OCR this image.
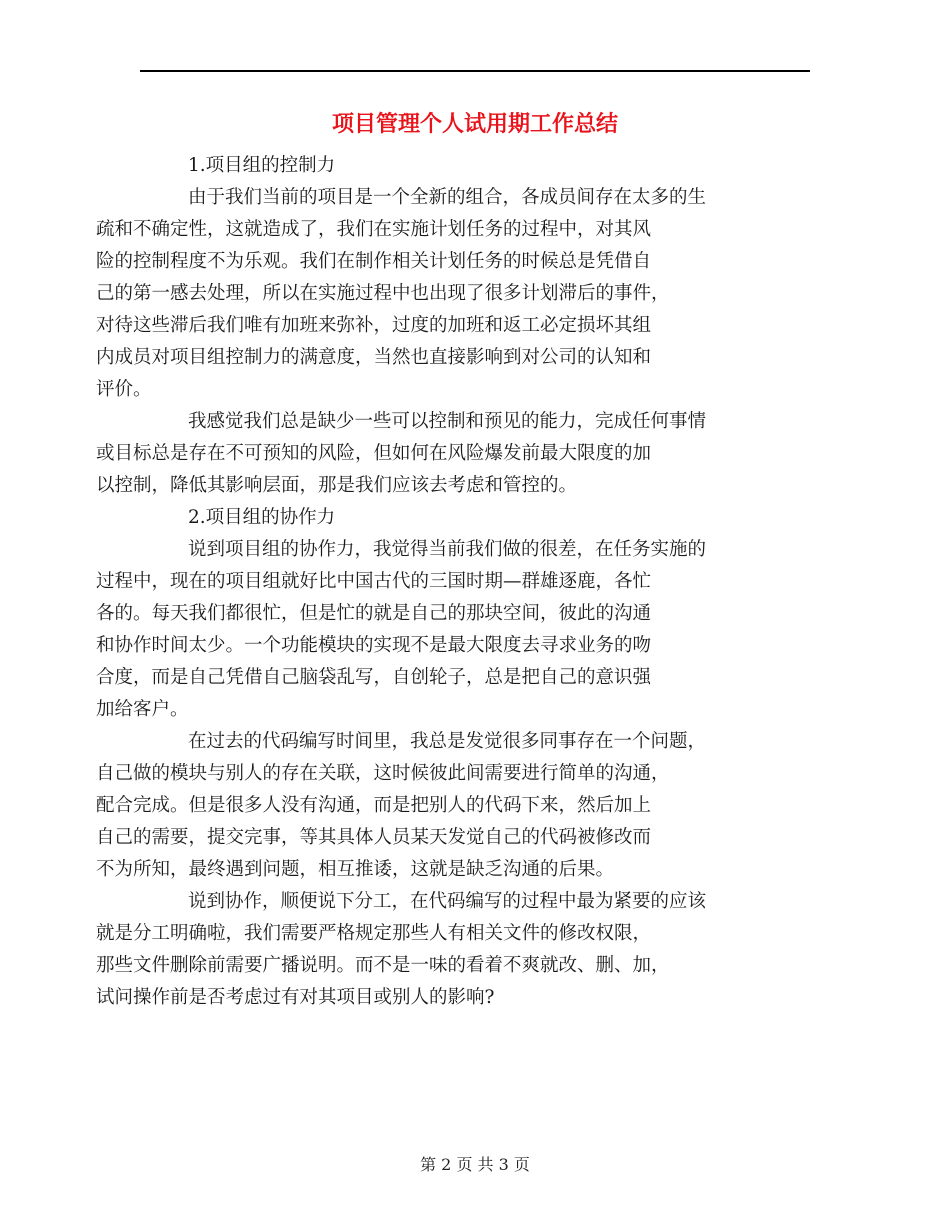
项目管理个人试用期工作总结
1.项目组的控制力
由于我们当前的项目是一个全新的组合，各成员间存在太多的生
疏和不确定性，这就造成了，我们在实施计划任务的过程中，对其风
险的控制程度不为乐观。我们在制作相关计划任务的时候总是凭借自
己的第一感去处理，所以在实施过程中也出现了很多计划滞后的事件，
对待这些滞后我们唯有加班来弥补，过度的加班和返工必定损坏其组
内成员对项目组控制力的满意度，当然也直接影响到对公司的认知和
评价。
我感觉我们总是缺少一些可以控制和预见的能力，完成任何事情
或目标总是存在不可预知的风险，但如何在风险爆发前最大限度的加
以控制，降低其影响层面，那是我们应该去考虑和管控的。
2.项目组的协作力
说到项目组的协作力，我觉得当前我们做的很差，在任务实施的
过程中，现在的项目组就好比中国古代的三国时期—群雄逐鹿，各忙
各的。每天我们都很忙，但是忙的就是自己的那块空间，彼此的沟通
和协作时间太少。一个功能模块的实现不是最大限度去寻求业务的吻
合度，而是自己凭借自己脑袋乱写，自创轮子，总是把自己的意识强
加给客户。
在过去的代码编写时间里，我总是发觉很多同事存在一个问题，
自己做的模块与别人的存在关联，这时候彼此间需要进行简单的沟通，
配合完成。但是很多人没有沟通，而是把别人的代码下来，然后加上
自己的需要，提交完事，等其具体人员某天发觉自己的代码被修改而
不为所知，最终遇到问题，相互推诿，这就是缺乏沟通的后果。
说到协作，顺便说下分工，在代码编写的过程中最为紧要的应该
就是分工明确啦，我们需要严格规定那些人有相关文件的修改权限，
那些文件删除前需要广播说明。而不是一味的看着不爽就改、删、加，
试问操作前是否考虑过有对其项目或别人的影响?
第 2 页 共 3 页
